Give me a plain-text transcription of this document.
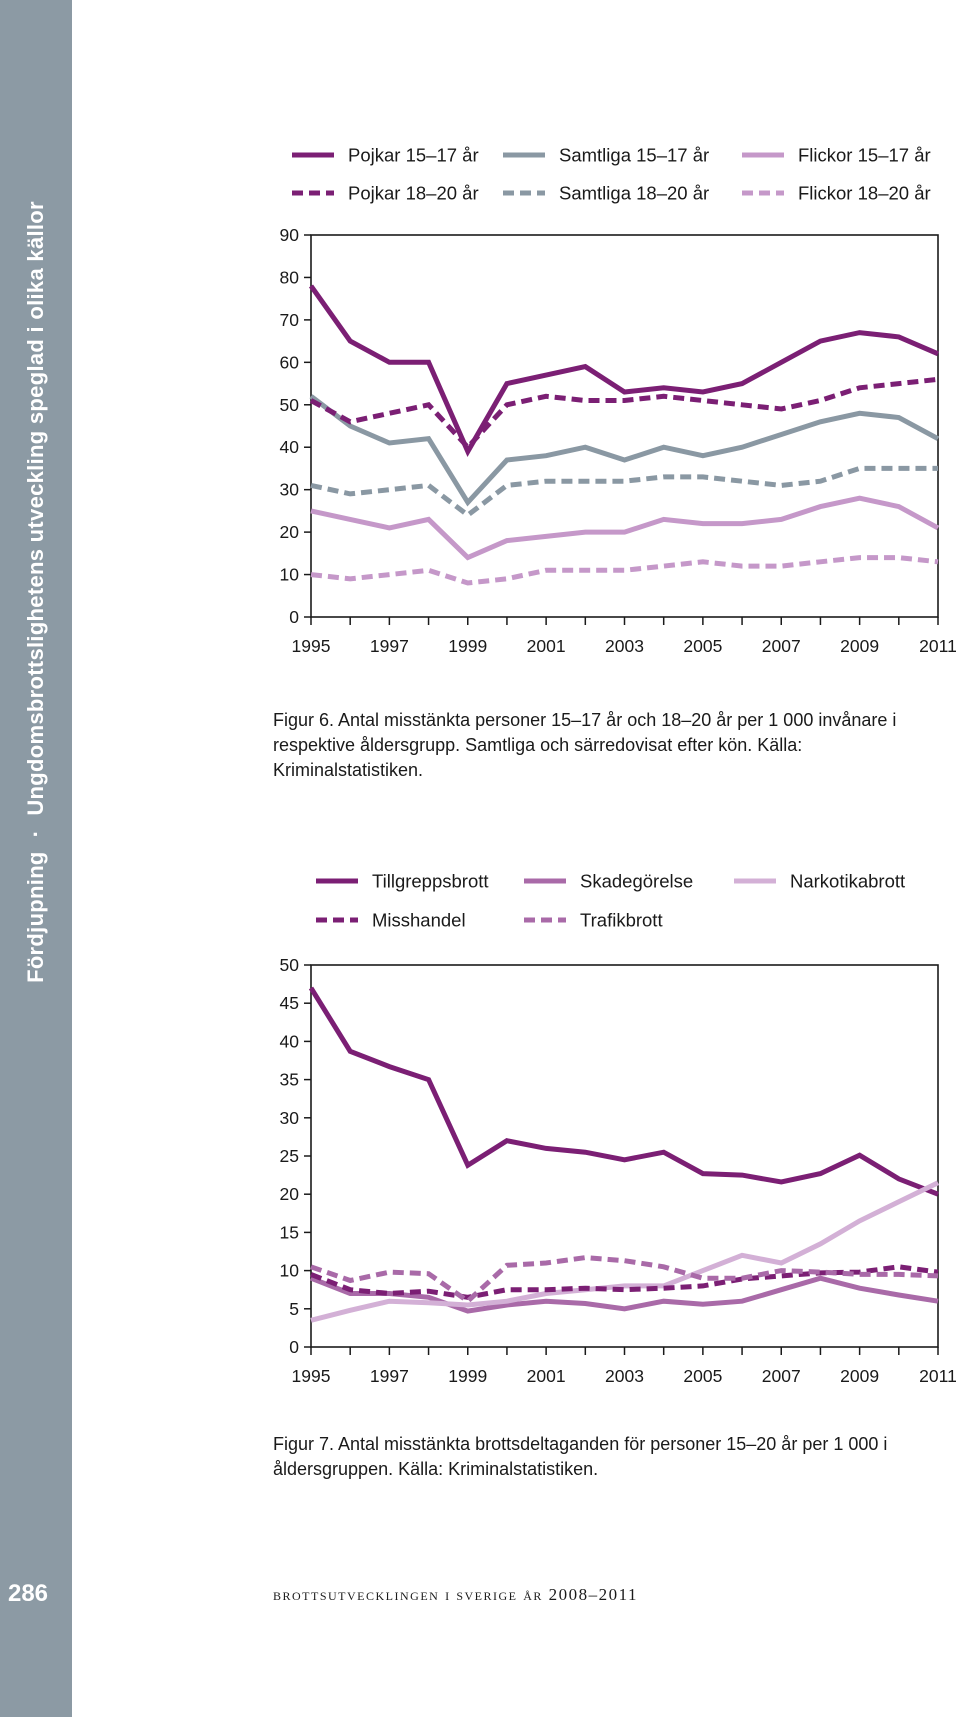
Fördjupning·Ungdomsbrottslighetens utveckling speglad i olika källor
286
Pojkar 15–17 år	Samtliga 15–17 år	Flickor 15–17 år
Pojkar 18–20 år	Samtliga 18–20 år	Flickor 18–20 år
0
10
20
30
40
50
60
70
80
90
1995 1997 1999 2001 2003 2005 2007 2009 2011
Figur 6. Antal misstänkta personer 15–17 år och 18–20 år per 1 000 invånare i respektive åldersgrupp. Samtliga och särredovisat efter kön. Källa: Kriminalstatistiken.
Tillgreppsbrott	Skadegörelse	Narkotikabrott
Misshandel	Trafikbrott
0
5
10
15
20
25
30
35
40
45
50
1995 1997 1999 2001 2003 2005 2007 2009 2011
Figur 7. Antal misstänkta brottsdeltaganden för personer 15–20 år per 1 000 i åldersgruppen. Källa: Kriminalstatistiken.
brottsutvecklingen i sverige år 2008–2011
